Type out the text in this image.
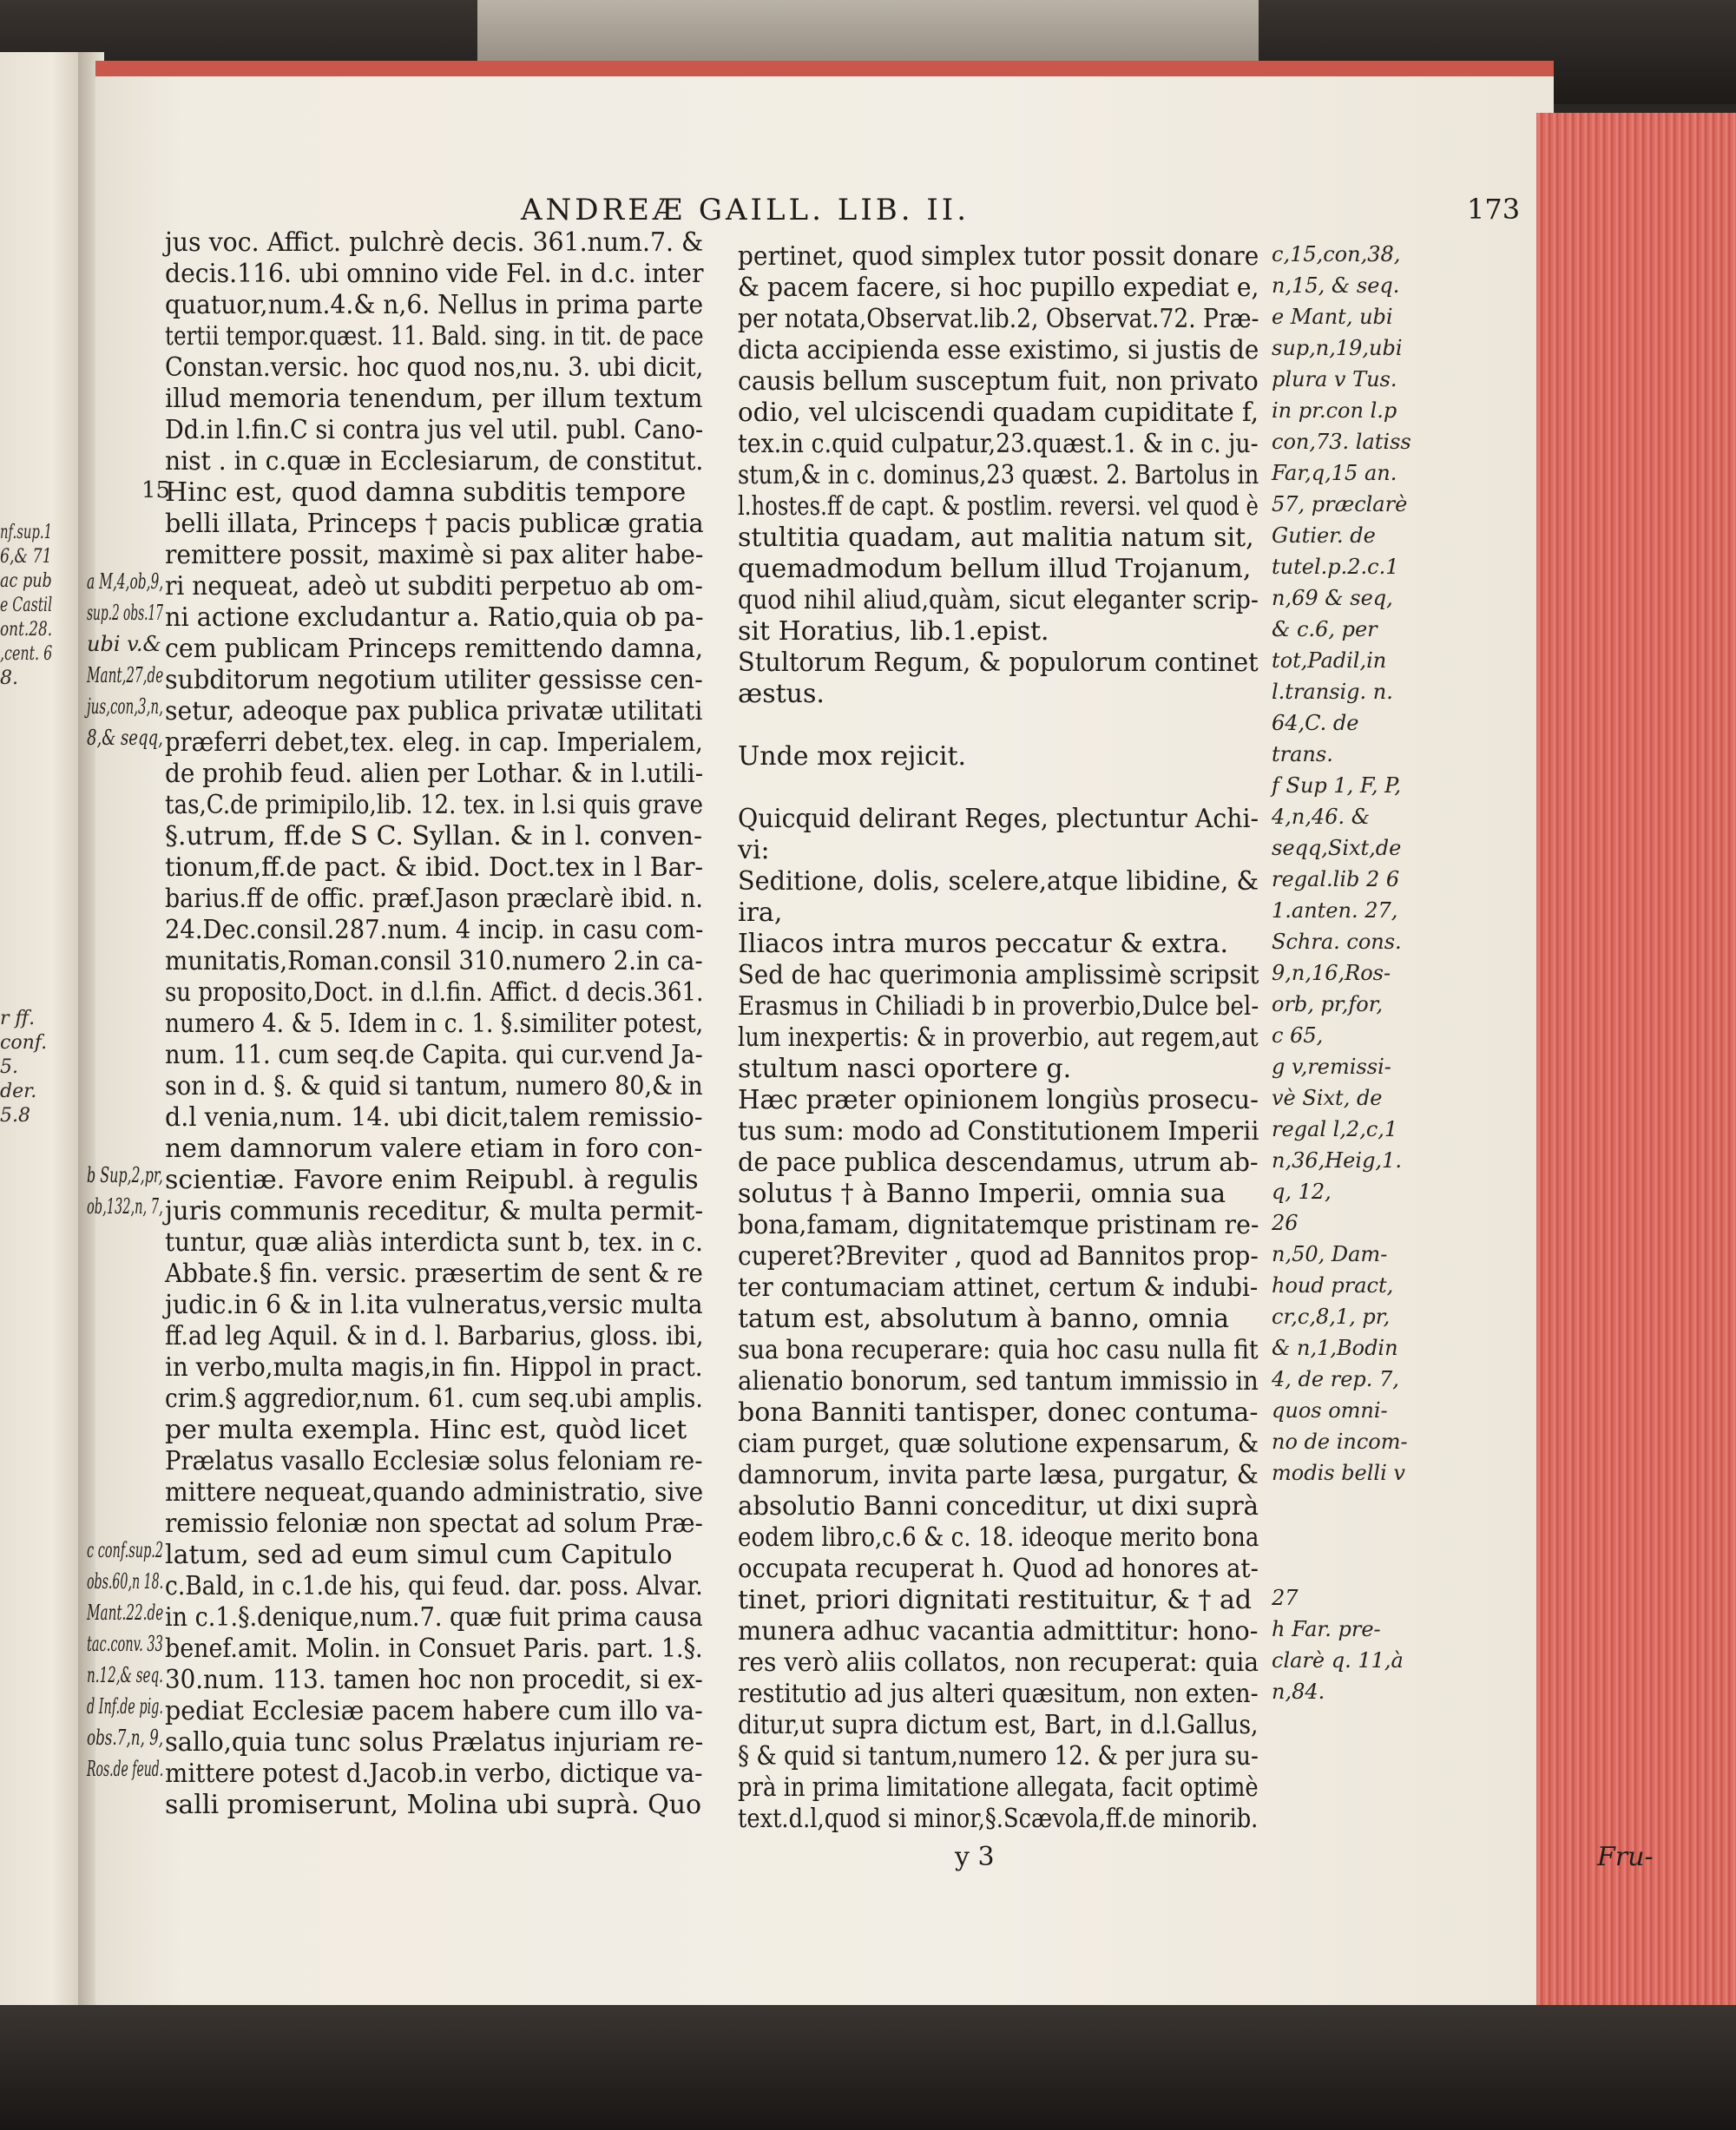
ANDREÆ GAILL. LIB. II.	173
15
jus voc. Affict. pulchrè decis. 361.num.7. &
decis.116. ubi omnino vide Fel. in d.c. inter
quatuor,num.4.& n,6. Nellus in prima parte
tertii tempor.quæst. 11. Bald. sing. in tit. de pace
Constan.versic. hoc quod nos,nu. 3. ubi dicit,
illud memoria tenendum, per illum textum
Dd.in l.fin.C si contra jus vel util. publ. Cano-
nist . in c.quæ in Ecclesiarum, de constitut.
Hinc est, quod damna subditis tempore
belli illata, Princeps † pacis publicæ gratia
remittere possit, maximè si pax aliter habe-
ri nequeat, adeò ut subditi perpetuo ab om-
ni actione excludantur a. Ratio,quia ob pa-
cem publicam Princeps remittendo damna,
subditorum negotium utiliter gessisse cen-
setur, adeoque pax publica privatæ utilitati
præferri debet,tex. eleg. in cap. Imperialem,
de prohib feud. alien per Lothar. & in l.utili-
tas,C.de primipilo,lib. 12. tex. in l.si quis grave
§.utrum, ff.de S C. Syllan. & in l. conven-
tionum,ff.de pact. & ibid. Doct.tex in l Bar-
barius.ff de offic. præf.Jason præclarè ibid. n.
24.Dec.consil.287.num. 4 incip. in casu com-
munitatis,Roman.consil 310.numero 2.in ca-
su proposito,Doct. in d.l.fin. Affict. d decis.361.
numero 4. & 5. Idem in c. 1. §.similiter potest,
num. 11. cum seq.de Capita. qui cur.vend Ja-
son in d. §. & quid si tantum, numero 80,& in
d.l venia,num. 14. ubi dicit,talem remissio-
nem damnorum valere etiam in foro con-
scientiæ. Favore enim Reipubl. à regulis
juris communis receditur, & multa permit-
tuntur, quæ aliàs interdicta sunt b, tex. in c.
Abbate.§ fin. versic. præsertim de sent & re
judic.in 6 & in l.ita vulneratus,versic multa
ff.ad leg Aquil. & in d. l. Barbarius, gloss. ibi,
in verbo,multa magis,in fin. Hippol in pract.
crim.§ aggredior,num. 61. cum seq.ubi amplis.
per multa exempla. Hinc est, quòd licet
Prælatus vasallo Ecclesiæ solus feloniam re-
mittere nequeat,quando administratio, sive
remissio feloniæ non spectat ad solum Præ-
latum, sed ad eum simul cum Capitulo
c.Bald, in c.1.de his, qui feud. dar. poss. Alvar.
in c.1.§.denique,num.7. quæ fuit prima causa
benef.amit. Molin. in Consuet Paris. part. 1.§.
30.num. 113. tamen hoc non procedit, si ex-
pediat Ecclesiæ pacem habere cum illo va-
sallo,quia tunc solus Prælatus injuriam re-
mittere potest d.Jacob.in verbo, dictique va-
salli promiserunt, Molina ubi suprà. Quo
pertinet, quod simplex tutor possit donare
& pacem facere, si hoc pupillo expediat e,
per notata,Observat.lib.2, Observat.72. Præ-
dicta accipienda esse existimo, si justis de
causis bellum susceptum fuit, non privato
odio, vel ulciscendi quadam cupiditate f,
tex.in c.quid culpatur,23.quæst.1. & in c. ju-
stum,& in c. dominus,23 quæst. 2. Bartolus in
l.hostes.ff de capt. & postlim. reversi. vel quod è
stultitia quadam, aut malitia natum sit,
quemadmodum bellum illud Trojanum,
quod nihil aliud,quàm, sicut eleganter scrip-
sit Horatius, lib.1.epist.
Stultorum Regum, & populorum continet
æstus.
Unde mox rejicit.
Quicquid delirant Reges, plectuntur Achi-
vi:
Seditione, dolis, scelere,atque libidine, &
ira,
Iliacos intra muros peccatur & extra.
Sed de hac querimonia amplissimè scripsit
Erasmus in Chiliadi b in proverbio,Dulce bel-
lum inexpertis: & in proverbio, aut regem,aut
stultum nasci oportere g.
Hæc præter opinionem longiùs prosecu-
tus sum: modo ad Constitutionem Imperii
de pace publica descendamus, utrum ab-
solutus † à Banno Imperii, omnia sua
bona,famam, dignitatemque pristinam re-
cuperet?Breviter , quod ad Bannitos prop-
ter contumaciam attinet, certum & indubi-
tatum est, absolutum à banno, omnia
sua bona recuperare: quia hoc casu nulla fit
alienatio bonorum, sed tantum immissio in
bona Banniti tantisper, donec contuma-
ciam purget, quæ solutione expensarum, &
damnorum, invita parte læsa, purgatur, &
absolutio Banni conceditur, ut dixi suprà
eodem libro,c.6 & c. 18. ideoque merito bona
occupata recuperat h. Quod ad honores at-
tinet, priori dignitati restituitur, & † ad
munera adhuc vacantia admittitur: hono-
res verò aliis collatos, non recuperat: quia
restitutio ad jus alteri quæsitum, non exten-
ditur,ut supra dictum est, Bart, in d.l.Gallus,
§ & quid si tantum,numero 12. & per jura su-
prà in prima limitatione allegata, facit optimè
text.d.l,quod si minor,§.Scævola,ff.de minorib.
c,15,con,38,
n,15, & seq.
e Mant, ubi
sup,n,19,ubi
plura v Tus.
in pr.con l.p
con,73. latiss
Far,q,15 an.
57, præclarè
Gutier. de
tutel.p.2.c.1
n,69 & seq,
& c.6, per
tot,Padil,in
l.transig. n.
64,C. de
trans.
f Sup 1, F, P,
4,n,46. &
seqq,Sixt,de
regal.lib 2 6
1.anten. 27,
Schra. cons.
9,n,16,Ros-
orb, pr,for,
c 65,
g v,remissi-
vè Sixt, de
regal l,2,c,1
n,36,Heig,1.
q, 12,
26
n,50, Dam-
houd pract,
cr,c,8,1, pr,
& n,1,Bodin
4, de rep. 7,
quos omni-
no de incom-
modis belli v
27
h Far. pre-
clarè q. 11,à
n,84.
a M,4,ob,9,
sup.2 obs.17
ubi v.&
Mant,27,de
jus,con,3,n,
8,& seqq,
b Sup,2,pr,
ob,132,n, 7,
c conf.sup.2
obs.60,n 18.
Mant.22.de
tac.conv. 33
n.12,& seq.
d Inf.de pig.
obs.7,n, 9,
Ros.de feud.
nf.sup.1
6,& 71
ac pub
e Castil
ont.28.
,cent. 6
8.
r ff.
conf.
5.
der.
5.8
y 3	Fru-
